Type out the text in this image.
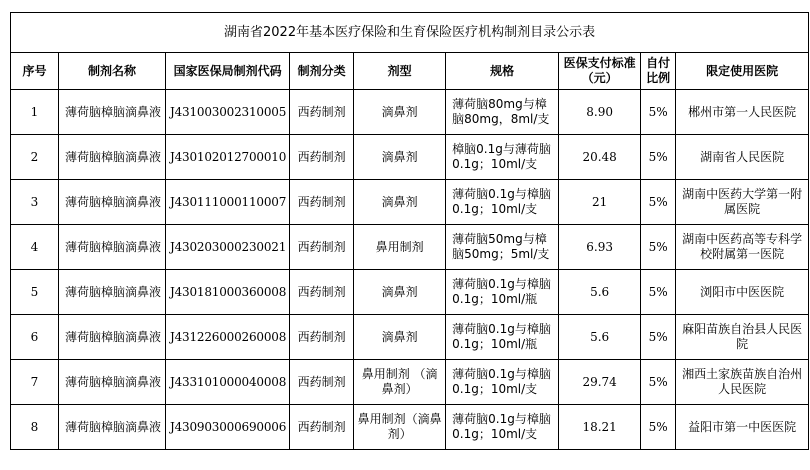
湖南省2022年基本医疗保险和生育保险医疗机构制剂目录公示表								
序号	制剂名称	国家医保局制剂代码	制剂分类	剂型	规格	医保支付标准（元）	自付比例	限定使用医院
1	薄荷脑樟脑滴鼻液	J431003002310005	西药制剂	滴鼻剂	薄荷脑80mg与樟脑80mg，8ml/支	8.90	5%	郴州市第一人民医院
2	薄荷脑樟脑滴鼻液	J430102012700010	西药制剂	滴鼻剂	樟脑0.1g与薄荷脑0.1g；10ml/支	20.48	5%	湖南省人民医院
3	薄荷脑樟脑滴鼻液	J430111000110007	西药制剂	滴鼻剂	薄荷脑0.1g与樟脑0.1g；10ml/支	21	5%	湖南中医药大学第一附属医院
4	薄荷脑樟脑滴鼻液	J430203000230021	西药制剂	鼻用制剂	薄荷脑50mg与樟脑50mg；5ml/支	6.93	5%	湖南中医药高等专科学校附属第一医院
5	薄荷脑樟脑滴鼻液	J430181000360008	西药制剂	滴鼻剂	薄荷脑0.1g与樟脑0.1g；10ml/瓶	5.6	5%	浏阳市中医医院
6	薄荷脑樟脑滴鼻液	J431226000260008	西药制剂	滴鼻剂	薄荷脑0.1g与樟脑0.1g；10ml/瓶	5.6	5%	麻阳苗族自治县人民医院
7	薄荷脑樟脑滴鼻液	J433101000040008	西药制剂	鼻用制剂 （滴鼻剂）	薄荷脑0.1g与樟脑0.1g；10ml/支	29.74	5%	湘西土家族苗族自治州人民医院
8	薄荷脑樟脑滴鼻液	J430903000690006	西药制剂	鼻用制剂（滴鼻剂）	薄荷脑0.1g与樟脑0.1g；10ml/支	18.21	5%	益阳市第一中医医院
